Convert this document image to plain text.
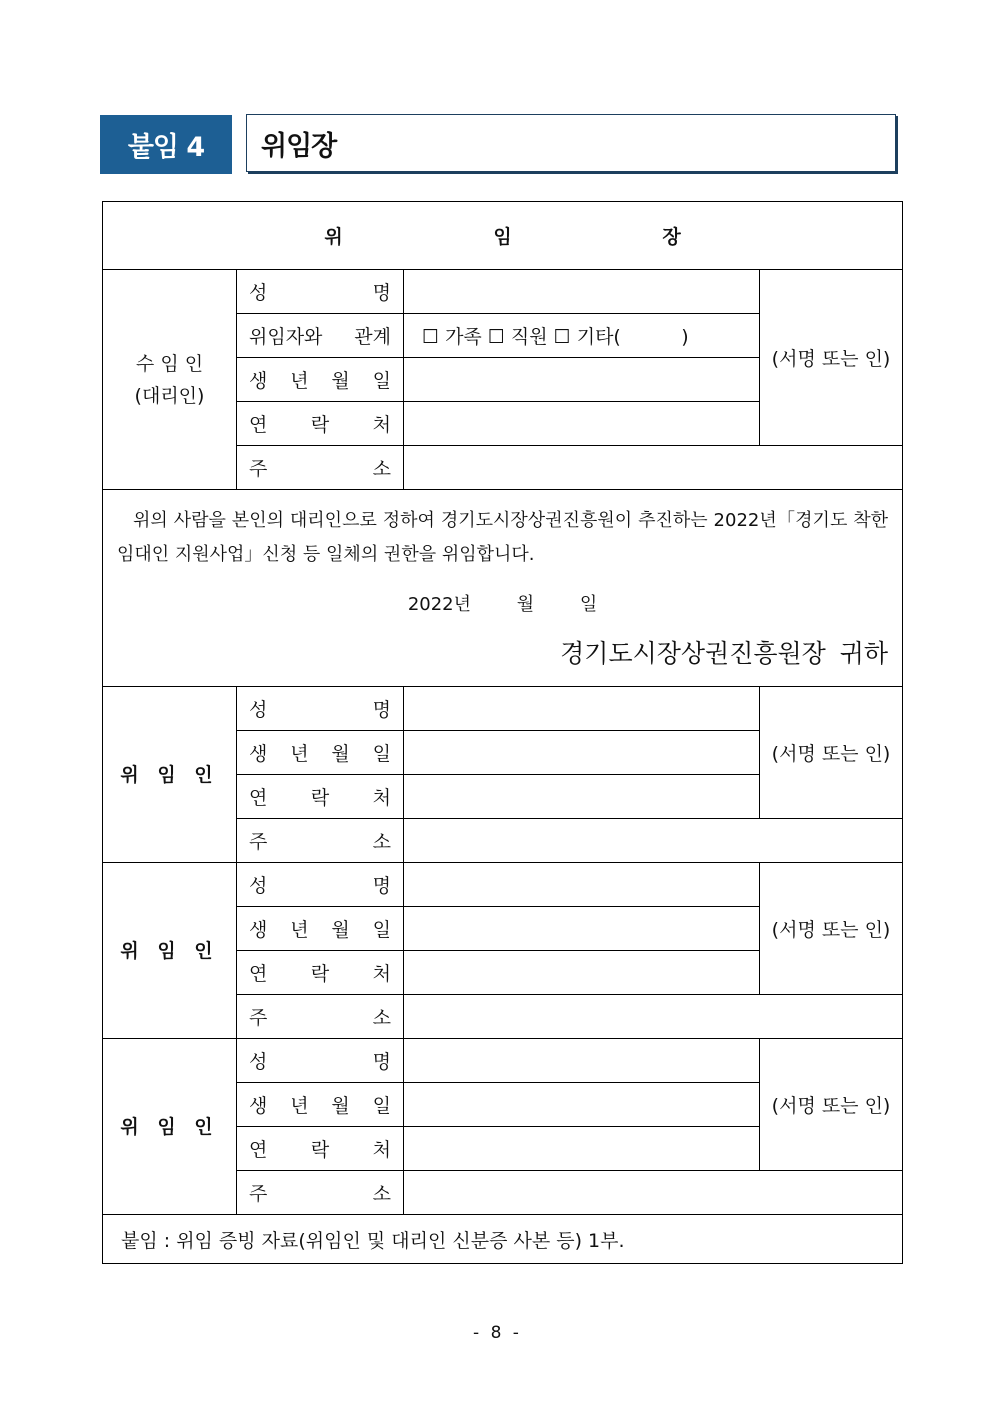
붙임 4	위임장
위 임 장			

수 임 인
(대리인)	성 명		(서명 또는 인)
	위임자와 관계	☐ 가족 ☐ 직원 ☐ 기타(          )	
	생 년 월 일		
	연 락 처		
	주 소		

위의 사람을 본인의 대리인으로 정하여 경기도시장상권진흥원이 추진하는 2022년「경기도 착한 임대인 지원사업」신청 등 일체의 권한을 위임합니다.

2022년 월 일
경기도시장상권진흥원장 귀하			

위 임 인	성 명		(서명 또는 인)
	생 년 월 일		
	연 락 처		
	주 소		
위 임 인	성 명		(서명 또는 인)
	생 년 월 일		
	연 락 처		
	주 소		
위 임 인	성 명		(서명 또는 인)
	생 년 월 일		
	연 락 처		
	주 소		
붙임 : 위임 증빙 자료(위임인 및 대리인 신분증 사본 등) 1부.			
- 8 -
